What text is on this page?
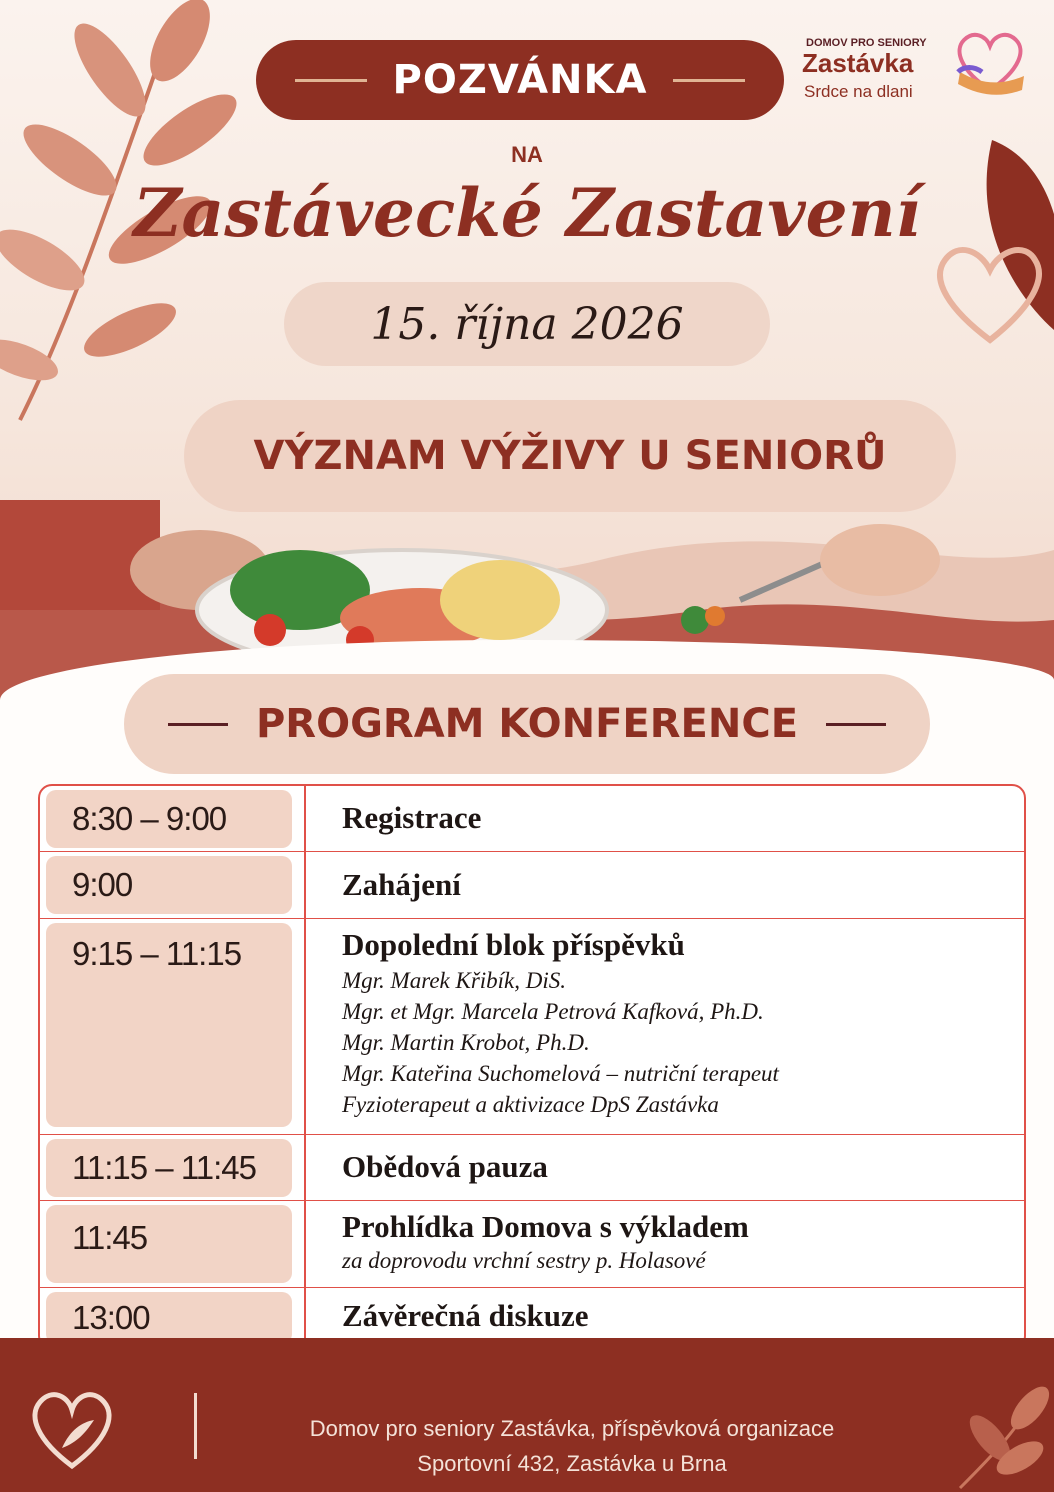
POZVÁNKA
DOMOV PRO SENIORY
Zastávka
Srdce na dlani
NA
Zastávecké Zastavení
15. října 2026
VÝZNAM VÝŽIVY U SENIORŮ
PROGRAM KONFERENCE
8:30 – 9:00	Registrace
9:00	Zahájení
9:15 – 11:15	Dopolední blok příspěvků
Mgr. Marek Křibík, DiS.
Mgr. et Mgr. Marcela Petrová Kafková, Ph.D.
Mgr. Martin Krobot, Ph.D.
Mgr. Kateřina Suchomelová – nutriční terapeut
Fyzioterapeut a aktivizace DpS Zastávka
11:15 – 11:45	Obědová pauza
11:45	Prohlídka Domova s výkladem
za doprovodu vrchní sestry p. Holasové
13:00	Závěrečná diskuze
Domov pro seniory Zastávka, příspěvková organizace
Sportovní 432, Zastávka u Brna
